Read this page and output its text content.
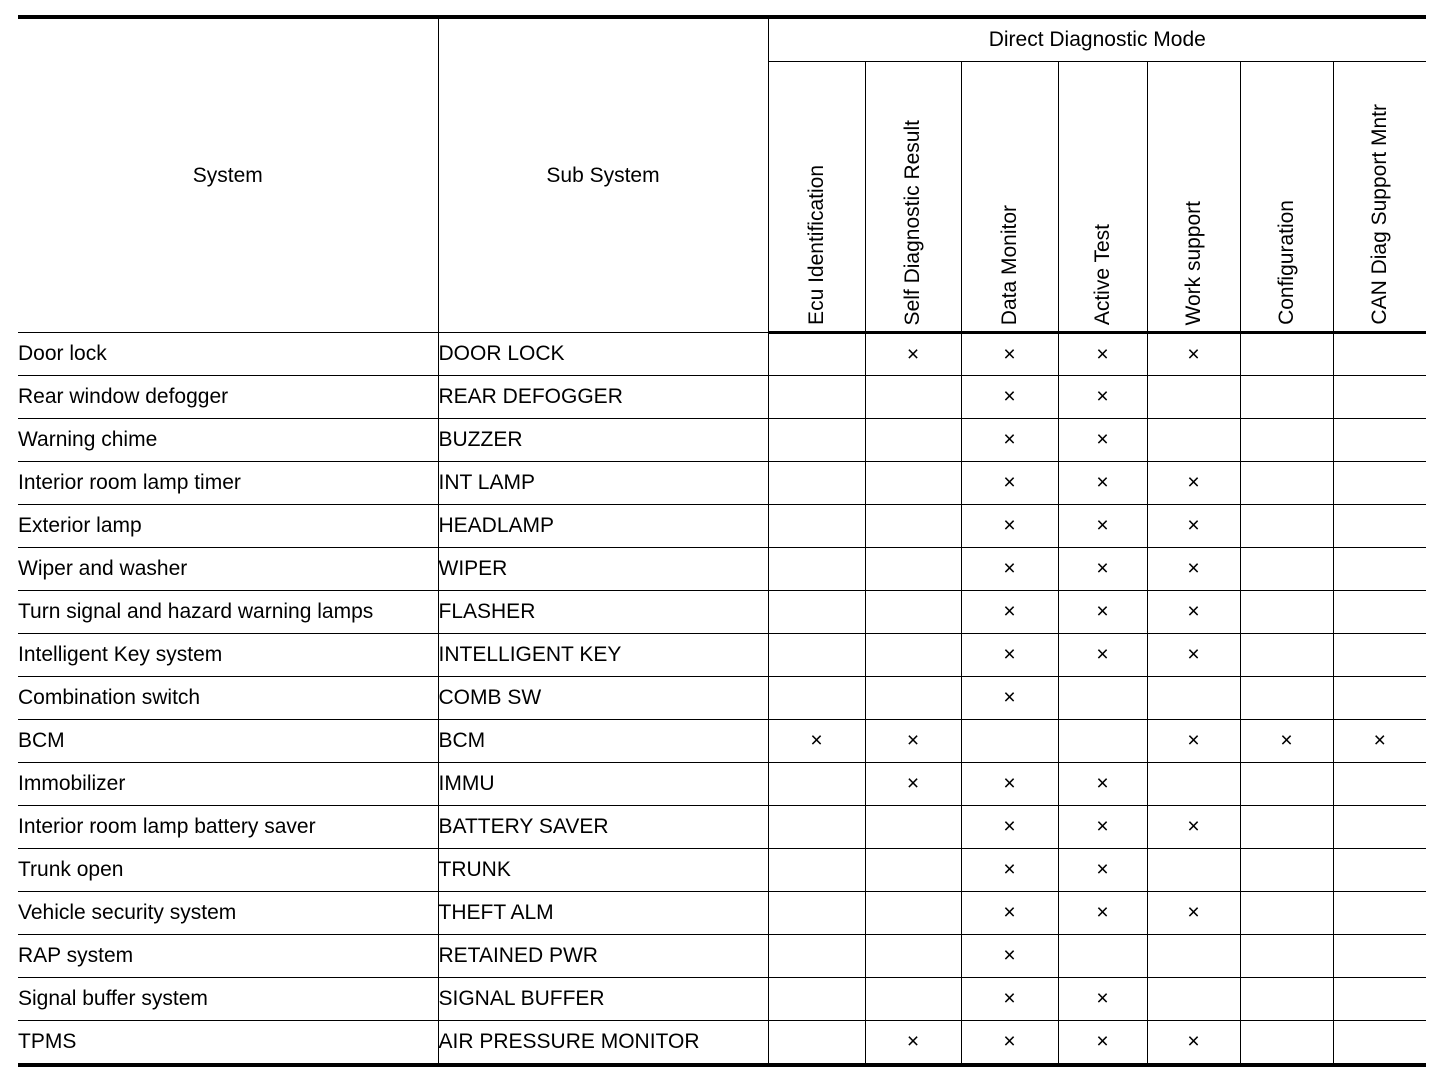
System	Sub System	Direct Diagnostic Mode						
		Ecu Identification	Self Diagnostic Result	Data Monitor	Active Test	Work support	Configuration	CAN Diag Support Mntr
Door lock	DOOR LOCK		×	×	×	×		
Rear window defogger	REAR DEFOGGER			×	×			
Warning chime	BUZZER			×	×			
Interior room lamp timer	INT LAMP			×	×	×		
Exterior lamp	HEADLAMP			×	×	×		
Wiper and washer	WIPER			×	×	×		
Turn signal and hazard warning lamps	FLASHER			×	×	×		
Intelligent Key system	INTELLIGENT KEY			×	×	×		
Combination switch	COMB SW			×				
BCM	BCM	×	×			×	×	×
Immobilizer	IMMU		×	×	×			
Interior room lamp battery saver	BATTERY SAVER			×	×	×		
Trunk open	TRUNK			×	×			
Vehicle security system	THEFT ALM			×	×	×		
RAP system	RETAINED PWR			×				
Signal buffer system	SIGNAL BUFFER			×	×			
TPMS	AIR PRESSURE MONITOR		×	×	×	×		
